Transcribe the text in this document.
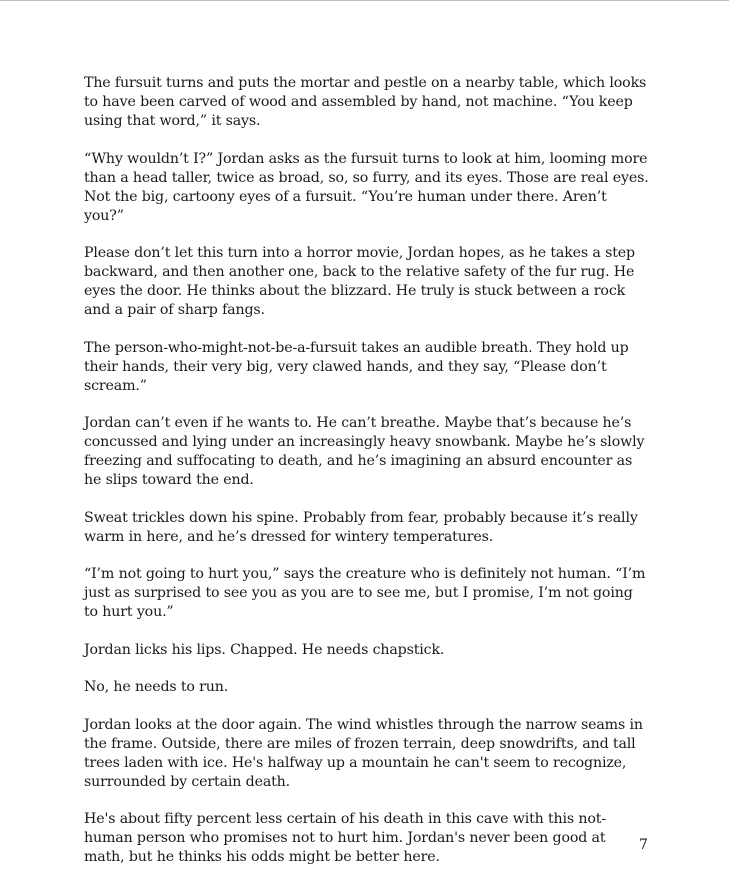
The fursuit turns and puts the mortar and pestle on a nearby table, which looks to have been carved of wood and assembled by hand, not machine. “You keep using that word,” it says.

“Why wouldn’t I?” Jordan asks as the fursuit turns to look at him, looming more than a head taller, twice as broad, so, so furry, and its eyes. Those are real eyes. Not the big, cartoony eyes of a fursuit. “You’re human under there. Aren’t you?”

Please don’t let this turn into a horror movie, Jordan hopes, as he takes a step backward, and then another one, back to the relative safety of the fur rug. He eyes the door. He thinks about the blizzard. He truly is stuck between a rock and a pair of sharp fangs.

The person-who-might-not-be-a-fursuit takes an audible breath. They hold up their hands, their very big, very clawed hands, and they say, “Please don’t scream.”

Jordan can’t even if he wants to. He can’t breathe. Maybe that’s because he’s concussed and lying under an increasingly heavy snowbank. Maybe he’s slowly freezing and suffocating to death, and he’s imagining an absurd encounter as he slips toward the end.

Sweat trickles down his spine. Probably from fear, probably because it’s really warm in here, and he’s dressed for wintery temperatures.

“I’m not going to hurt you,” says the creature who is definitely not human. “I’m just as surprised to see you as you are to see me, but I promise, I’m not going to hurt you.”

Jordan licks his lips. Chapped. He needs chapstick.

No, he needs to run.

Jordan looks at the door again. The wind whistles through the narrow seams in the frame. Outside, there are miles of frozen terrain, deep snowdrifts, and tall trees laden with ice. He's halfway up a mountain he can't seem to recognize, surrounded by certain death.

He's about fifty percent less certain of his death in this cave with this not-human person who promises not to hurt him. Jordan's never been good at math, but he thinks his odds might be better here.

7
